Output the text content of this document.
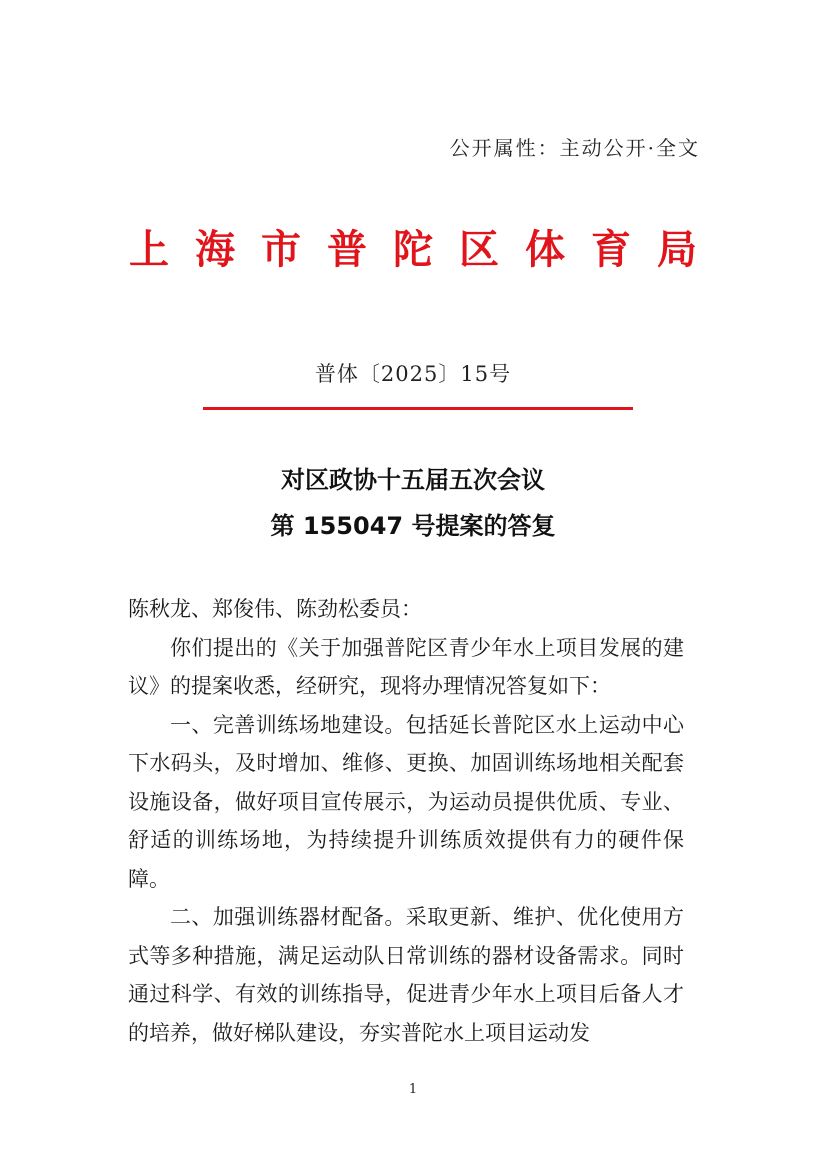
公开属性：主动公开·全文
上海市普陀区体育局
普体〔2025〕15号
对区政协十五届五次会议
第 155047 号提案的答复

陈秋龙、郑俊伟、陈劲松委员：

你们提出的《关于加强普陀区青少年水上项目发展的建议》的提案收悉，经研究，现将办理情况答复如下：

一、完善训练场地建设。包括延长普陀区水上运动中心下水码头，及时增加、维修、更换、加固训练场地相关配套设施设备，做好项目宣传展示，为运动员提供优质、专业、舒适的训练场地，为持续提升训练质效提供有力的硬件保障。

二、加强训练器材配备。采取更新、维护、优化使用方式等多种措施，满足运动队日常训练的器材设备需求。同时通过科学、有效的训练指导，促进青少年水上项目后备人才的培养，做好梯队建设，夯实普陀水上项目运动发

1
